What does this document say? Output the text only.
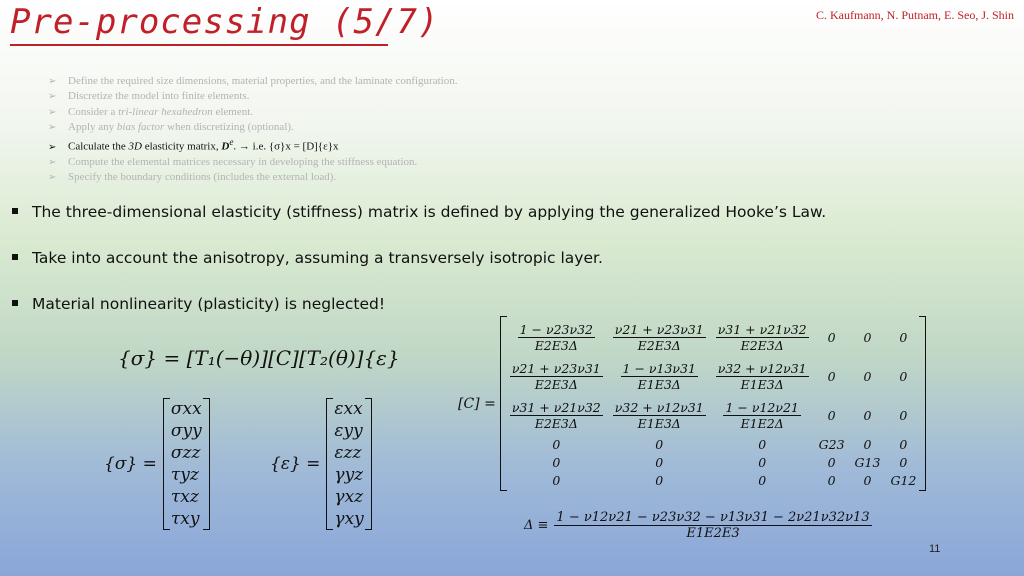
Pre-processing (5/7)	C. Kaufmann, N. Putnam, E. Seo, J. Shin
➢ Define the required size dimensions, material properties, and the laminate configuration.
➢ Discretize the model into finite elements.
➢ Consider a tri-linear hexahedron element.
➢ Apply any bias factor when discretizing (optional).
➢ Calculate the 3D elasticity matrix, $D^e$. → i.e. {σ}x = [D]{ε}x
➢ Compute the elemental matrices necessary in developing the stiffness equation.
➢ Specify the boundary conditions (includes the external load).
The three-dimensional elasticity (stiffness) matrix is defined by applying the generalized Hooke’s Law.
Take into account the anisotropy, assuming a transversely isotropic layer.
Material nonlinearity (plasticity) is neglected!
{σ} = [T₁(−θ)][C][T₂(θ)]{ε}
{σ} =
σxx
σyy
σzz
τyz
τxz
τxy
{ε} =
εxx
εyy
εzz
γyz
γxz
γxy
[C] =
$\frac{1 - \nu 23\nu 32}{E2E3\Delta}$	$\frac{\nu 21 + \nu 23\nu 31}{E2E3\Delta}$	$\frac{\nu 31 + \nu 21\nu 32}{E2E3\Delta}$	0	0	0

$\frac{\nu 21 + \nu 23\nu 31}{E2E3\Delta}$	$\frac{1 - \nu 13\nu 31}{E1E3\Delta}$	$\frac{\nu 32 + \nu 12\nu 31}{E1E3\Delta}$	0	0	0

$\frac{\nu 31 + \nu 21\nu 32}{E2E3\Delta}$	$\frac{\nu 32 + \nu 12\nu 31}{E1E3\Delta}$	$\frac{1 - \nu 12\nu 21}{E1E2\Delta}$	0	0	0
0	0	0	G23	0	0
0	0	0	0	G13	0
0	0	0	0	0	G12
$\Delta \equiv \frac{1 - \nu 12\nu 21 - \nu 23\nu 32 - \nu 13\nu 31 - 2\nu 21\nu 32\nu 13}{E1E2E3}$
11
